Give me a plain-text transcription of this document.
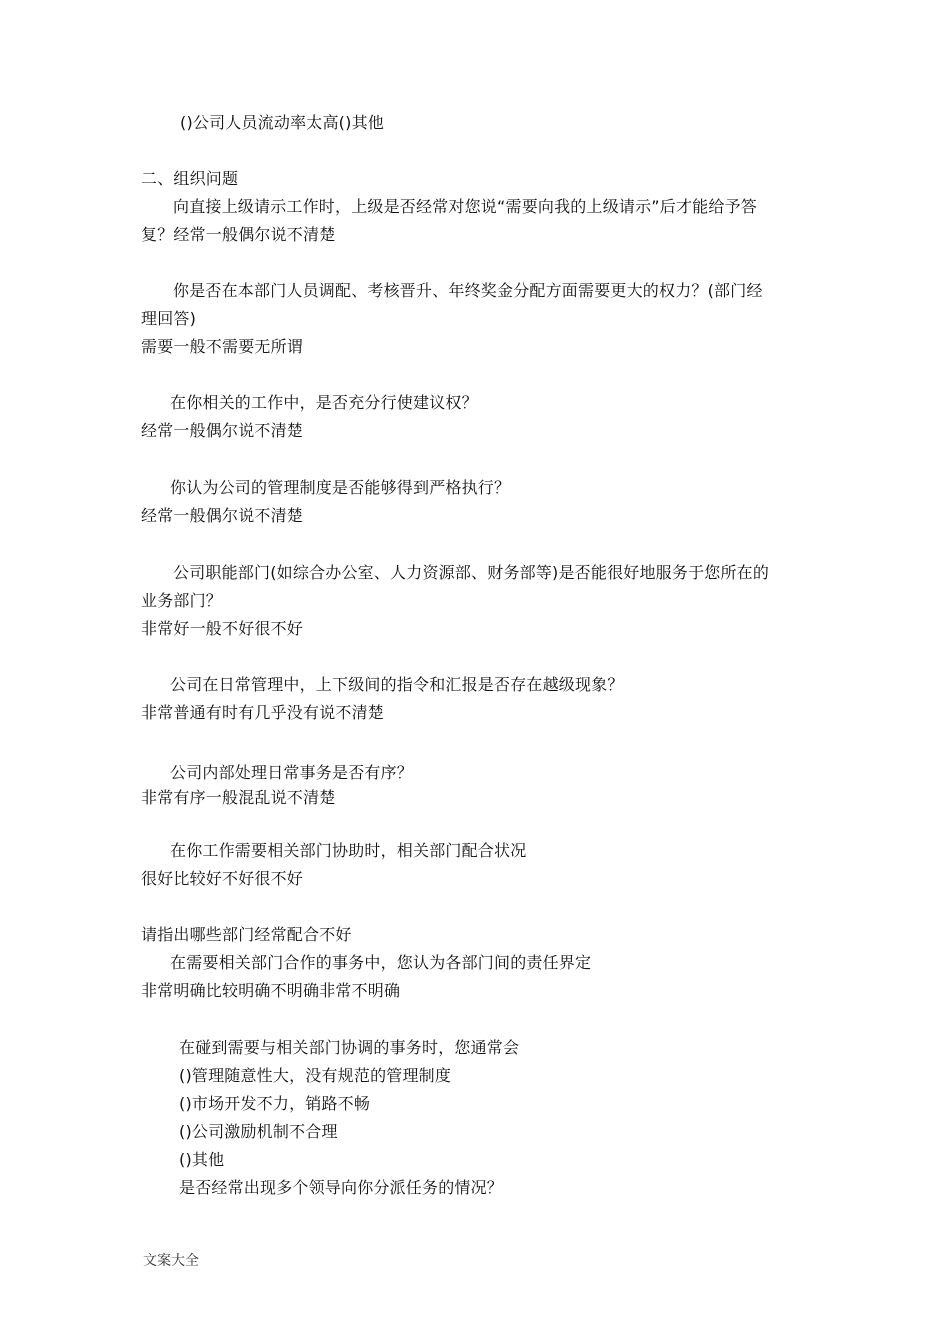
()公司人员流动率太高()其他
二、组织问题
向直接上级请示工作时，上级是否经常对您说“需要向我的上级请示”后才能给予答
复？经常一般偶尔说不清楚
你是否在本部门人员调配、考核晋升、年终奖金分配方面需要更大的权力？(部门经
理回答)
需要一般不需要无所谓
在你相关的工作中，是否充分行使建议权？
经常一般偶尔说不清楚
你认为公司的管理制度是否能够得到严格执行？
经常一般偶尔说不清楚
公司职能部门(如综合办公室、人力资源部、财务部等)是否能很好地服务于您所在的
业务部门？
非常好一般不好很不好
公司在日常管理中，上下级间的指令和汇报是否存在越级现象？
非常普通有时有几乎没有说不清楚
公司内部处理日常事务是否有序？
非常有序一般混乱说不清楚
在你工作需要相关部门协助时，相关部门配合状况
很好比较好不好很不好
请指出哪些部门经常配合不好
在需要相关部门合作的事务中，您认为各部门间的责任界定
非常明确比较明确不明确非常不明确
在碰到需要与相关部门协调的事务时，您通常会
()管理随意性大，没有规范的管理制度
()市场开发不力，销路不畅
()公司激励机制不合理
()其他
是否经常出现多个领导向你分派任务的情况？
文案大全
